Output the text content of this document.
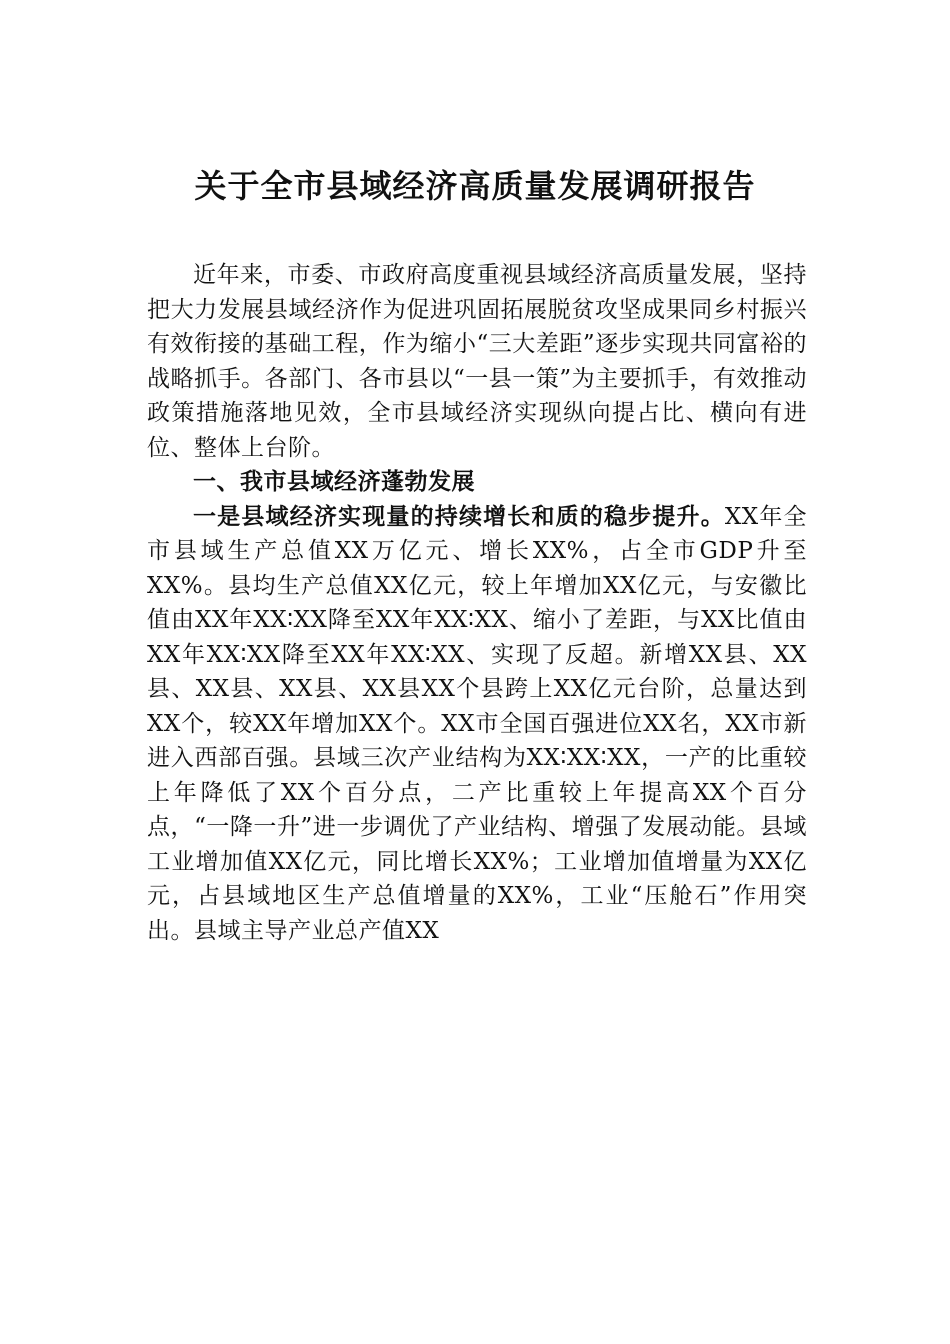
关于全市县域经济高质量发展调研报告

近年来，市委、市政府高度重视县域经济高质量发展，坚持把大力发展县域经济作为促进巩固拓展脱贫攻坚成果同乡村振兴有效衔接的基础工程，作为缩小“三大差距”逐步实现共同富裕的战略抓手。各部门、各市县以“一县一策”为主要抓手，有效推动政策措施落地见效，全市县域经济实现纵向提占比、横向有进位、整体上台阶。

一、我市县域经济蓬勃发展

一是县域经济实现量的持续增长和质的稳步提升。XX年全市县域生产总值XX万亿元、增长XX%，占全市GDP升至XX%。县均生产总值XX亿元，较上年增加XX亿元，与安徽比值由XX年XX∶XX降至XX年XX∶XX、缩小了差距，与XX比值由XX年XX∶XX降至XX年XX∶XX、实现了反超。新增XX县、XX县、XX县、XX县、XX县XX个县跨上XX亿元台阶，总量达到XX个，较XX年增加XX个。XX市全国百强进位XX名，XX市新进入西部百强。县域三次产业结构为XX∶XX∶XX，一产的比重较上年降低了XX个百分点，二产比重较上年提高XX个百分点，“一降一升”进一步调优了产业结构、增强了发展动能。县域工业增加值XX亿元，同比增长XX%；工业增加值增量为XX亿元，占县域地区生产总值增量的XX%，工业“压舱石”作用突出。县域主导产业总产值XX
